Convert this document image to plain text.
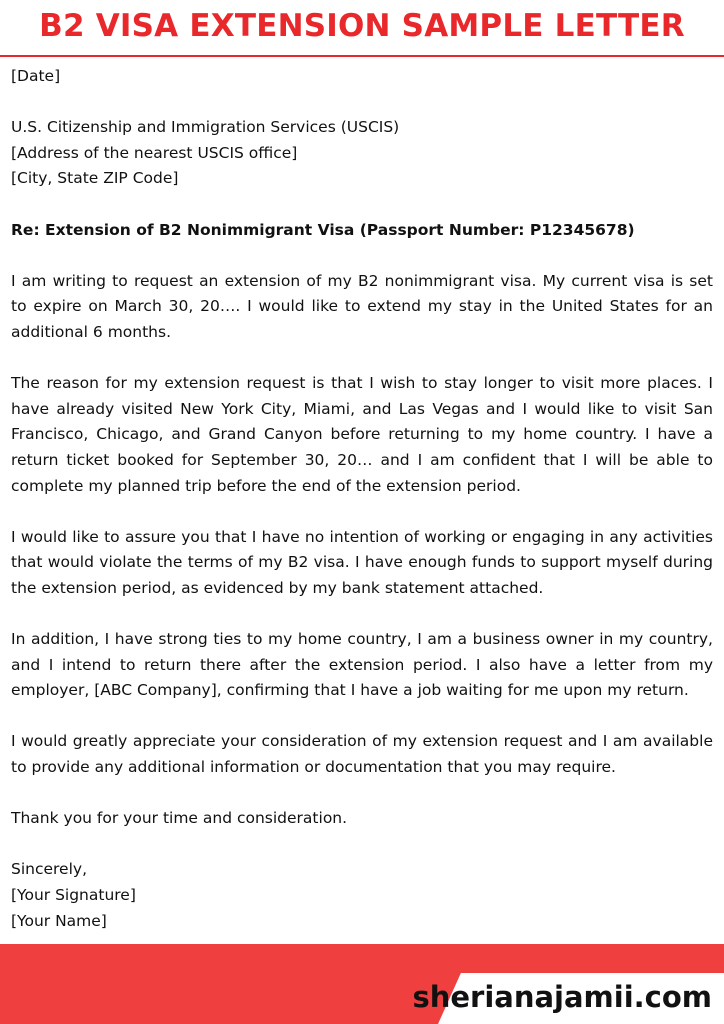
B2 VISA EXTENSION SAMPLE LETTER

[Date]

U.S. Citizenship and Immigration Services (USCIS)
[Address of the nearest USCIS office]
[City, State ZIP Code]

Re: Extension of B2 Nonimmigrant Visa (Passport Number: P12345678)

I am writing to request an extension of my B2 nonimmigrant visa. My current visa is set to expire on March 30, 20…. I would like to extend my stay in the United States for an additional 6 months.

The reason for my extension request is that I wish to stay longer to visit more places. I have already visited New York City, Miami, and Las Vegas and I would like to visit San Francisco, Chicago, and Grand Canyon before returning to my home country. I have a return ticket booked for September 30, 20… and I am confident that I will be able to complete my planned trip before the end of the extension period.

I would like to assure you that I have no intention of working or engaging in any activities that would violate the terms of my B2 visa. I have enough funds to support myself during the extension period, as evidenced by my bank statement attached.

In addition, I have strong ties to my home country, I am a business owner in my country, and I intend to return there after the extension period. I also have a letter from my employer, [ABC Company], confirming that I have a job waiting for me upon my return.

I would greatly appreciate your consideration of my extension request and I am available to provide any additional information or documentation that you may require.

Thank you for your time and consideration.

Sincerely,
[Your Signature]
[Your Name]

sherianajamii.com
